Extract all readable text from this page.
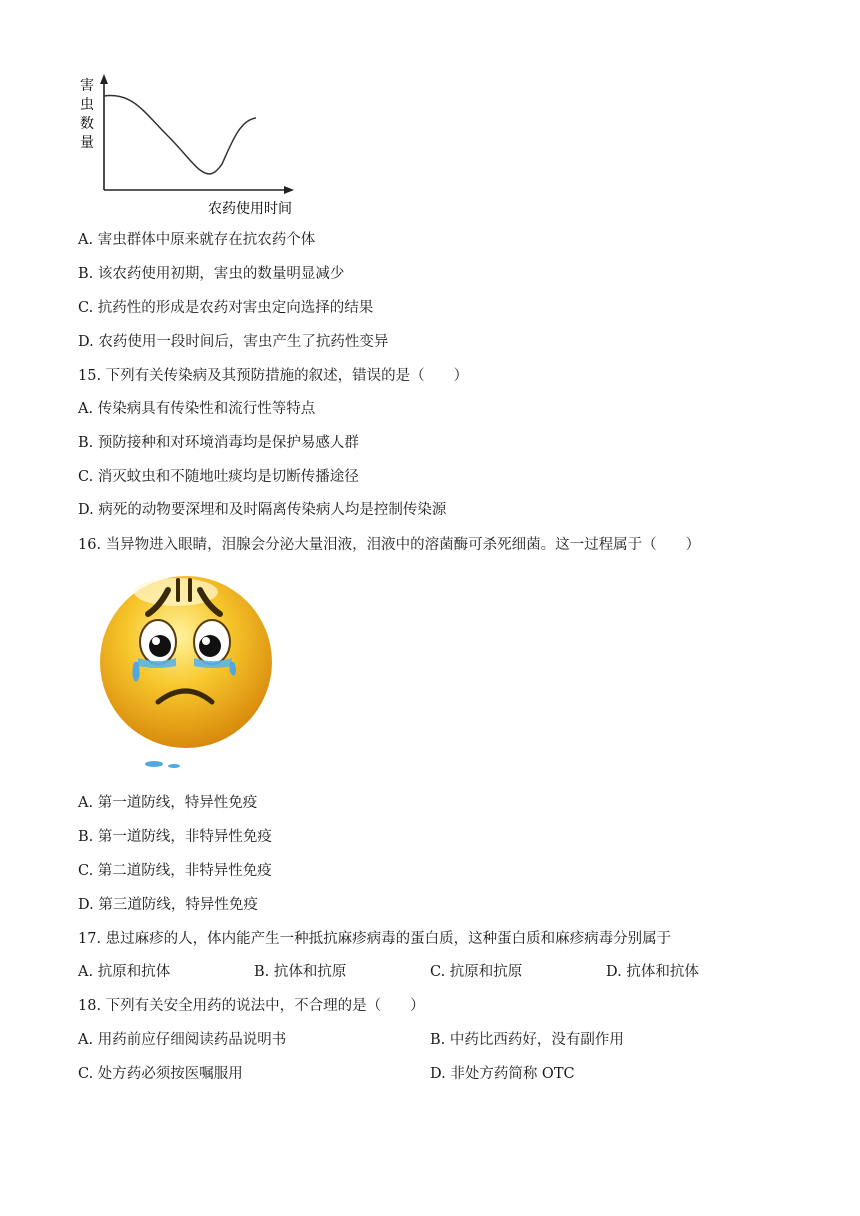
害
虫
数
量
农药使用时间
A. 害虫群体中原来就存在抗农药个体
B. 该农药使用初期，害虫的数量明显减少
C. 抗药性的形成是农药对害虫定向选择的结果
D. 农药使用一段时间后，害虫产生了抗药性变异
15. 下列有关传染病及其预防措施的叙述，错误的是（　　）
A. 传染病具有传染性和流行性等特点
B. 预防接种和对环境消毒均是保护易感人群
C. 消灭蚊虫和不随地吐痰均是切断传播途径
D. 病死的动物要深埋和及时隔离传染病人均是控制传染源
16. 当异物进入眼睛，泪腺会分泌大量泪液，泪液中的溶菌酶可杀死细菌。这一过程属于（　　）
A. 第一道防线，特异性免疫
B. 第一道防线，非特异性免疫
C. 第二道防线，非特异性免疫
D. 第三道防线，特异性免疫
17. 患过麻疹的人，体内能产生一种抵抗麻疹病毒的蛋白质，这种蛋白质和麻疹病毒分别属于
A. 抗原和抗体	B. 抗体和抗原	C. 抗原和抗原	D. 抗体和抗体
18. 下列有关安全用药的说法中，不合理的是（　　）
A. 用药前应仔细阅读药品说明书	B. 中药比西药好，没有副作用
C. 处方药必须按医嘱服用	D. 非处方药简称 OTC
